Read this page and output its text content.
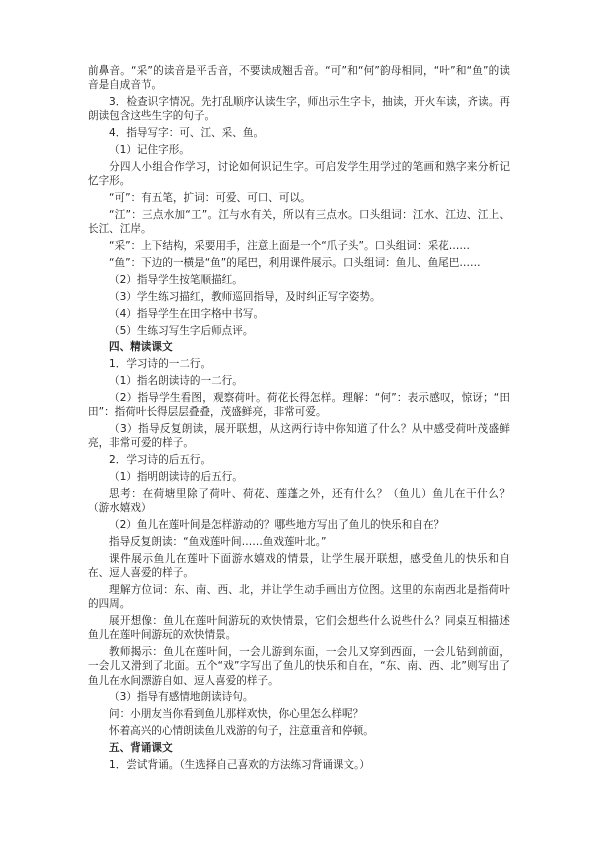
前鼻音。“采”的读音是平舌音，不要读成翘舌音。“可”和“何”韵母相同，“叶”和“鱼”的读音是自成音节。

3．检查识字情况。先打乱顺序认读生字，师出示生字卡，抽读，开火车读，齐读。再朗读包含这些生字的句子。

4．指导写字：可、江、采、鱼。

（1）记住字形。

分四人小组合作学习，讨论如何识记生字。可启发学生用学过的笔画和熟字来分析记忆字形。

“可”：有五笔，扩词：可爱、可口、可以。

“江”：三点水加“工”。江与水有关，所以有三点水。口头组词：江水、江边、江上、长江、江岸。

“采”：上下结构，采要用手，注意上面是一个“爪子头”。口头组词：采花……

“鱼”：下边的一横是“鱼”的尾巴，利用课件展示。口头组词：鱼儿、鱼尾巴……

（2）指导学生按笔顺描红。

（3）学生练习描红，教师巡回指导，及时纠正写字姿势。

（4）指导学生在田字格中书写。

（5）生练习写生字后师点评。

四、精读课文

1．学习诗的一二行。

（1）指名朗读诗的一二行。

（2）指导学生看图，观察荷叶。荷花长得怎样。理解：“何”：表示感叹，惊讶；“田田”：指荷叶长得层层叠叠，茂盛鲜亮，非常可爱。

（3）指导反复朗读，展开联想，从这两行诗中你知道了什么？从中感受荷叶茂盛鲜亮，非常可爱的样子。

2．学习诗的后五行。

（1）指明朗读诗的后五行。

思考：在荷塘里除了荷叶、荷花、莲蓬之外，还有什么？（鱼儿）鱼儿在干什么？（游水嬉戏）

（2）鱼儿在莲叶间是怎样游动的？哪些地方写出了鱼儿的快乐和自在？

指导反复朗读：“鱼戏莲叶间……鱼戏莲叶北。”

课件展示鱼儿在莲叶下面游水嬉戏的情景，让学生展开联想，感受鱼儿的快乐和自在、逗人喜爱的样子。

理解方位词：东、南、西、北，并让学生动手画出方位图。这里的东南西北是指荷叶的四周。

展开想像：鱼儿在莲叶间游玩的欢快情景，它们会想些什么说些什么？同桌互相描述鱼儿在莲叶间游玩的欢快情景。

教师揭示：鱼儿在莲叶间，一会儿游到东面，一会儿又穿到西面，一会儿钻到前面，一会儿又滑到了北面。五个“戏”字写出了鱼儿的快乐和自在，“东、南、西、北”则写出了鱼儿在水间漂游自如、逗人喜爱的样子。

（3）指导有感情地朗读诗句。

问：小朋友当你看到鱼儿那样欢快，你心里怎么样呢？

怀着高兴的心情朗读鱼儿戏游的句子，注意重音和停顿。

五、背诵课文

1．尝试背诵。（生选择自己喜欢的方法练习背诵课文。）
